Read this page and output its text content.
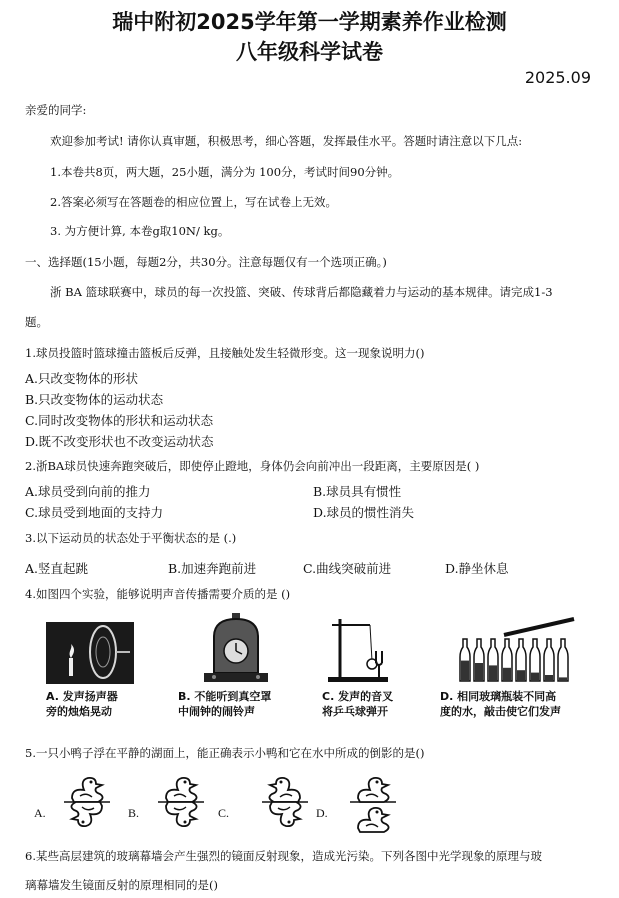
瑞中附初2025学年第一学期素养作业检测
八年级科学试卷
2025.09
亲爱的同学:
欢迎参加考试! 请你认真审题，积极思考，细心答题，发挥最佳水平。答题时请注意以下几点:
1.本卷共8页，两大题，25小题，满分为 100分，考试时间90分钟。
2.答案必须写在答题卷的相应位置上，写在试卷上无效。
3. 为方便计算, 本卷g取10N/ kg。
一、选择题(15小题，每题2分，共30分。注意每题仅有一个选项正确。)
浙 BA 篮球联赛中，球员的每一次投篮、突破、传球背后都隐藏着力与运动的基本规律。请完成1-3
题。
1.球员投篮时篮球撞击篮板后反弹，且接触处发生轻微形变。这一现象说明力()
A.只改变物体的形状
B.只改变物体的运动状态
C.同时改变物体的形状和运动状态
D.既不改变形状也不改变运动状态
2.浙BA球员快速奔跑突破后，即使停止蹬地，身体仍会向前冲出一段距离，主要原因是( )
A.球员受到向前的推力	B.球员具有惯性
C.球员受到地面的支持力	D.球员的惯性消失
3.以下运动员的状态处于平衡状态的是 (.)
A.竖直起跳	B.加速奔跑前进	C.曲线突破前进	D.静坐休息
4.如图四个实验，能够说明声音传播需要介质的是 ()
A. 发声扬声器
旁的烛焰晃动
B. 不能听到真空罩
中闹钟的闹铃声
C. 发声的音叉
将乒乓球弹开
D. 相同玻璃瓶装不同高
度的水，敲击使它们发声
5.一只小鸭子浮在平静的湖面上，能正确表示小鸭和它在水中所成的倒影的是()
A.	B.	C.	D.
6.某些高层建筑的玻璃幕墙会产生强烈的镜面反射现象，造成光污染。下列各图中光学现象的原理与玻
璃幕墙发生镜面反射的原理相同的是()
